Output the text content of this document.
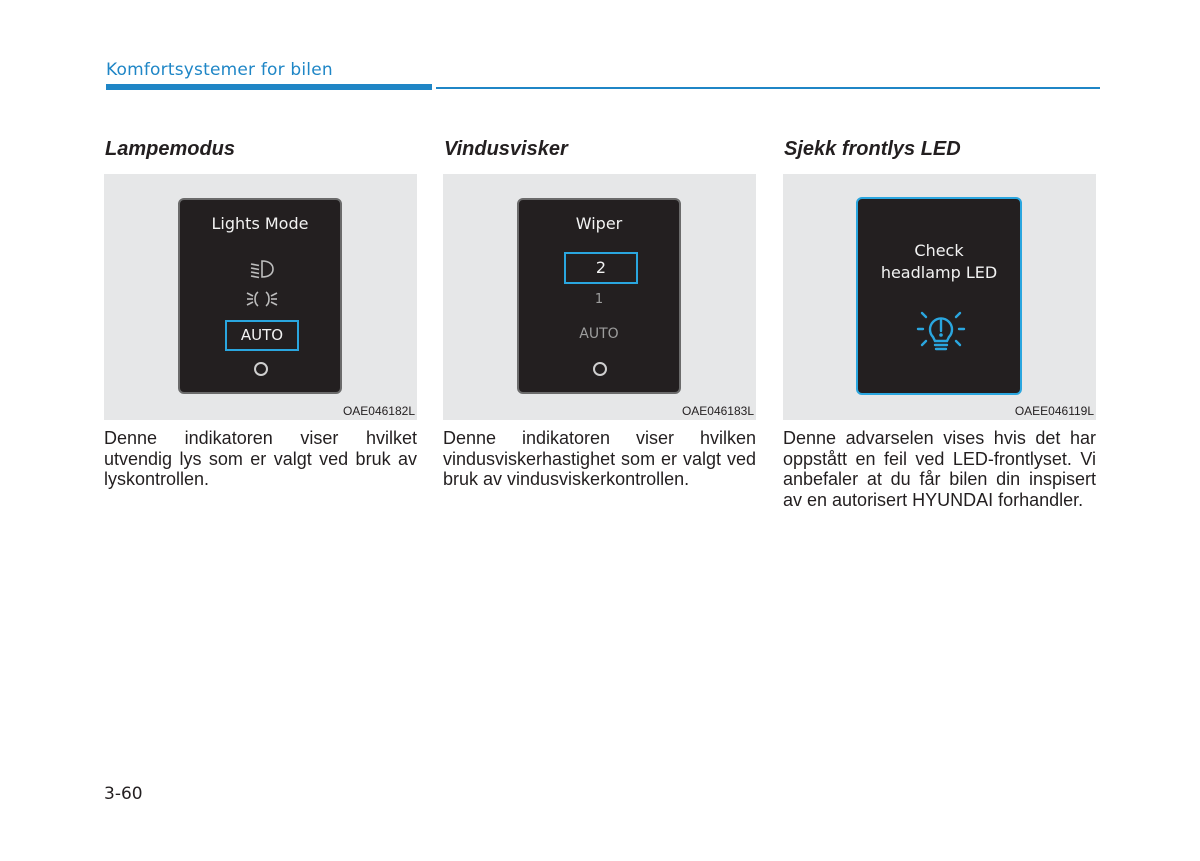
Komfortsystemer for bilen
Lampemodus
Lights Mode
AUTO
OAE046182L
Denne indikatoren viser hvilket utvendig lys som er valgt ved bruk av lyskontrollen.
Vindusvisker
Wiper
2
1
AUTO
OAE046183L
Denne indikatoren viser hvilken vindusviskerhastighet som er valgt ved bruk av vindusviskerkontrollen.
Sjekk frontlys LED
Check
headlamp LED
OAEE046119L
Denne advarselen vises hvis det har oppstått en feil ved LED-frontlyset. Vi anbefaler at du får bilen din inspisert av en autorisert HYUNDAI forhandler.
3-60
